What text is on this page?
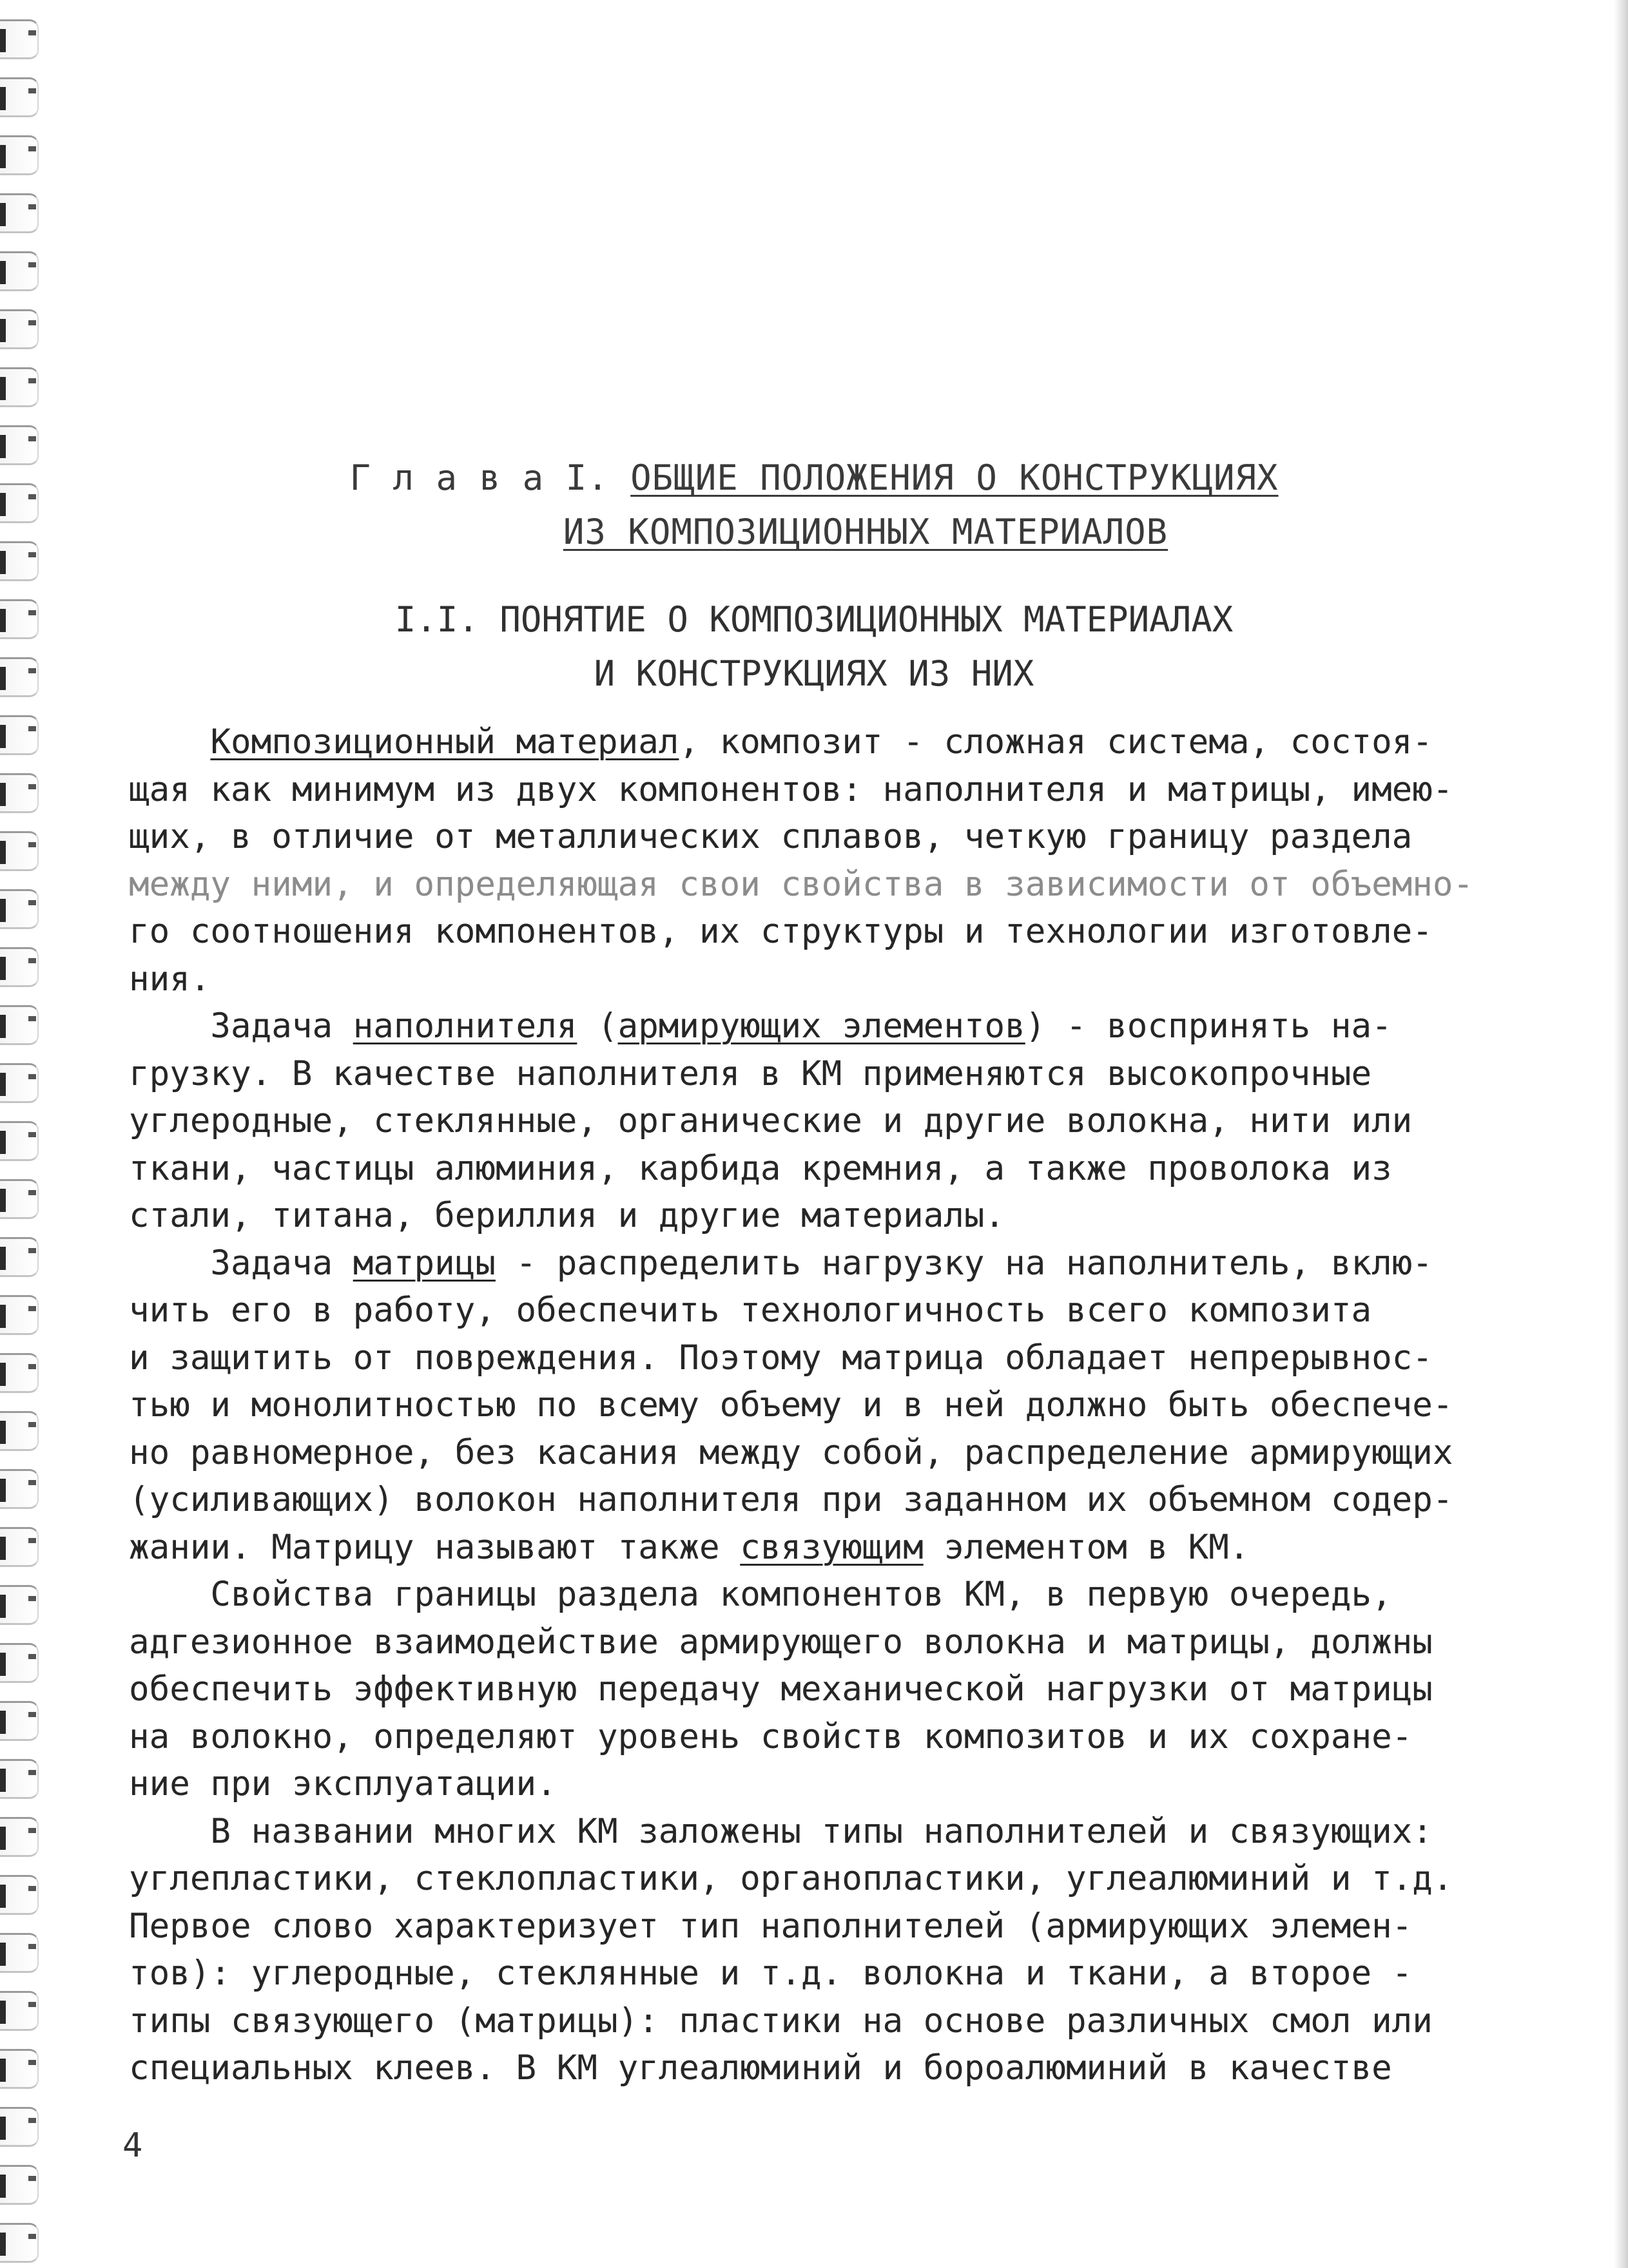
Г л а в а I. ОБЩИЕ ПОЛОЖЕНИЯ О КОНСТРУКЦИЯХ
ИЗ КОМПОЗИЦИОННЫХ МАТЕРИАЛОВ
I.I. ПОНЯТИЕ О КОМПОЗИЦИОННЫХ МАТЕРИАЛАХ
И КОНСТРУКЦИЯХ ИЗ НИХ
Композиционный материал, композит - сложная система, состоя-
щая как минимум из двух компонентов: наполнителя и матрицы, имею-
щих, в отличие от металлических сплавов, четкую границу раздела
между ними, и определяющая свои свойства в зависимости от объемно-
го соотношения компонентов, их структуры и технологии изготовле-
ния.
Задача наполнителя (армирующих элементов) - воспринять на-
грузку. В качестве наполнителя в КМ применяются высокопрочные
углеродные, стеклянные, органические и другие волокна, нити или
ткани, частицы алюминия, карбида кремния, а также проволока из
стали, титана, бериллия и другие материалы.
Задача матрицы - распределить нагрузку на наполнитель, вклю-
чить его в работу, обеспечить технологичность всего композита
и защитить от повреждения. Поэтому матрица обладает непрерывнос-
тью и монолитностью по всему объему и в ней должно быть обеспече-
но равномерное, без касания между собой, распределение армирующих
(усиливающих) волокон наполнителя при заданном их объемном содер-
жании. Матрицу называют также связующим элементом в КМ.
Свойства границы раздела компонентов КМ, в первую очередь,
адгезионное взаимодействие армирующего волокна и матрицы, должны
обеспечить эффективную передачу механической нагрузки от матрицы
на волокно, определяют уровень свойств композитов и их сохране-
ние при эксплуатации.
В названии многих КМ заложены типы наполнителей и связующих:
углепластики, стеклопластики, органопластики, углеалюминий и т.д.
Первое слово характеризует тип наполнителей (армирующих элемен-
тов): углеродные, стеклянные и т.д. волокна и ткани, а второе -
типы связующего (матрицы): пластики на основе различных смол или
специальных клеев. В КМ углеалюминий и бороалюминий в качестве
4
